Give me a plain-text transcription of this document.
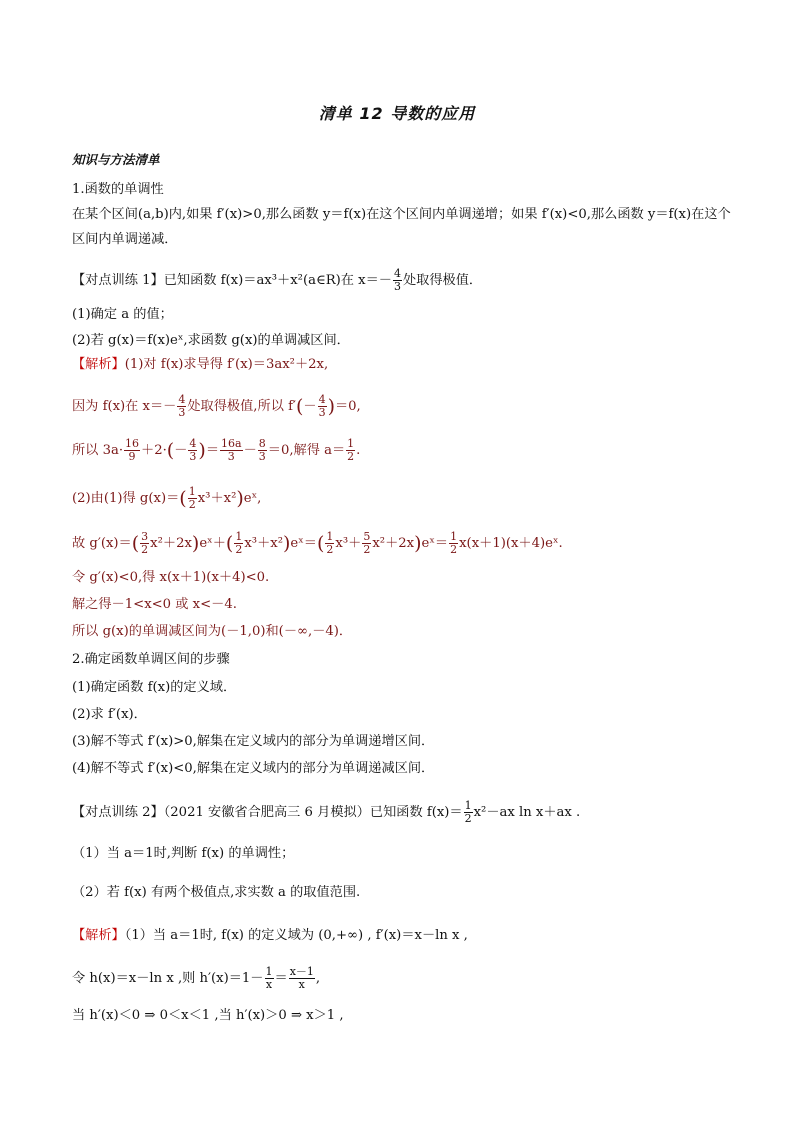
清单 12 导数的应用
知识与方法清单
1.函数的单调性
在某个区间(a,b)内,如果 f′(x)>0,那么函数 y＝f(x)在这个区间内单调递增；如果 f′(x)<0,那么函数 y＝f(x)在这个
区间内单调递减．
【对点训练 1】已知函数 f(x)＝ax³＋x²(a∈R)在 $x=- \frac{4}{3}$ 处取得极值．
(1)确定 a 的值；
(2)若 g(x)＝f(x)eˣ,求函数 g(x)的单调减区间．
【解析】(1)对 f(x)求导得 f′(x)＝3ax²＋2x,
因为 f(x)在 $x=- \frac{4}{3}$ 处取得极值,所以 $f'(- \frac{4}{3} )=0$,
所以 $3a\cdot \frac{16}{9} +2\cdot(- \frac{4}{3}$ )＝ $\frac{16a}{3} - \frac{8}{3} =0$,解得 $a= \frac{1}{2}$ .
(2)由(1)得 $g(x)=( \frac{1}{2}$ x³＋x²)eˣ,
故 $g'(x)=( \frac{3}{2}$ x²＋2x)eˣ＋( $\frac{1}{2}$ x³＋x²)eˣ＝( $\frac{1}{2} x^3+ \frac{5}{2}$ x²＋2x)eˣ＝ $\frac{1}{2}$ x(x＋1)(x＋4)eˣ.
令 g′(x)<0,得 x(x＋1)(x＋4)<0.
解之得－1<x<0 或 x<－4.
所以 g(x)的单调减区间为(－1,0)和(－∞,－4)．
2.确定函数单调区间的步骤
(1)确定函数 f(x)的定义域．
(2)求 f′(x)．
(3)解不等式 f′(x)>0,解集在定义域内的部分为单调递增区间．
(4)解不等式 f′(x)<0,解集在定义域内的部分为单调递减区间．
【对点训练 2】（2021 安徽省合肥高三 6 月模拟）已知函数 $f(x)= \frac{1}{2} x^2-ax$ ln x＋ax .
（1）当 a＝1时,判断 f(x) 的单调性；
（2）若 f(x) 有两个极值点,求实数 a 的取值范围.
【解析】（1）当 a＝1时, f(x) 的定义域为 (0,+∞) , f′(x)＝x－ln x ,
令 h(x)＝x－ln x ,则 $h'(x)=1- \frac{1}{x} = \frac{x-1}{x}$ ,
当 h′(x)＜0 ⇒ 0＜x＜1 ,当 h′(x)＞0 ⇒ x＞1 ,
